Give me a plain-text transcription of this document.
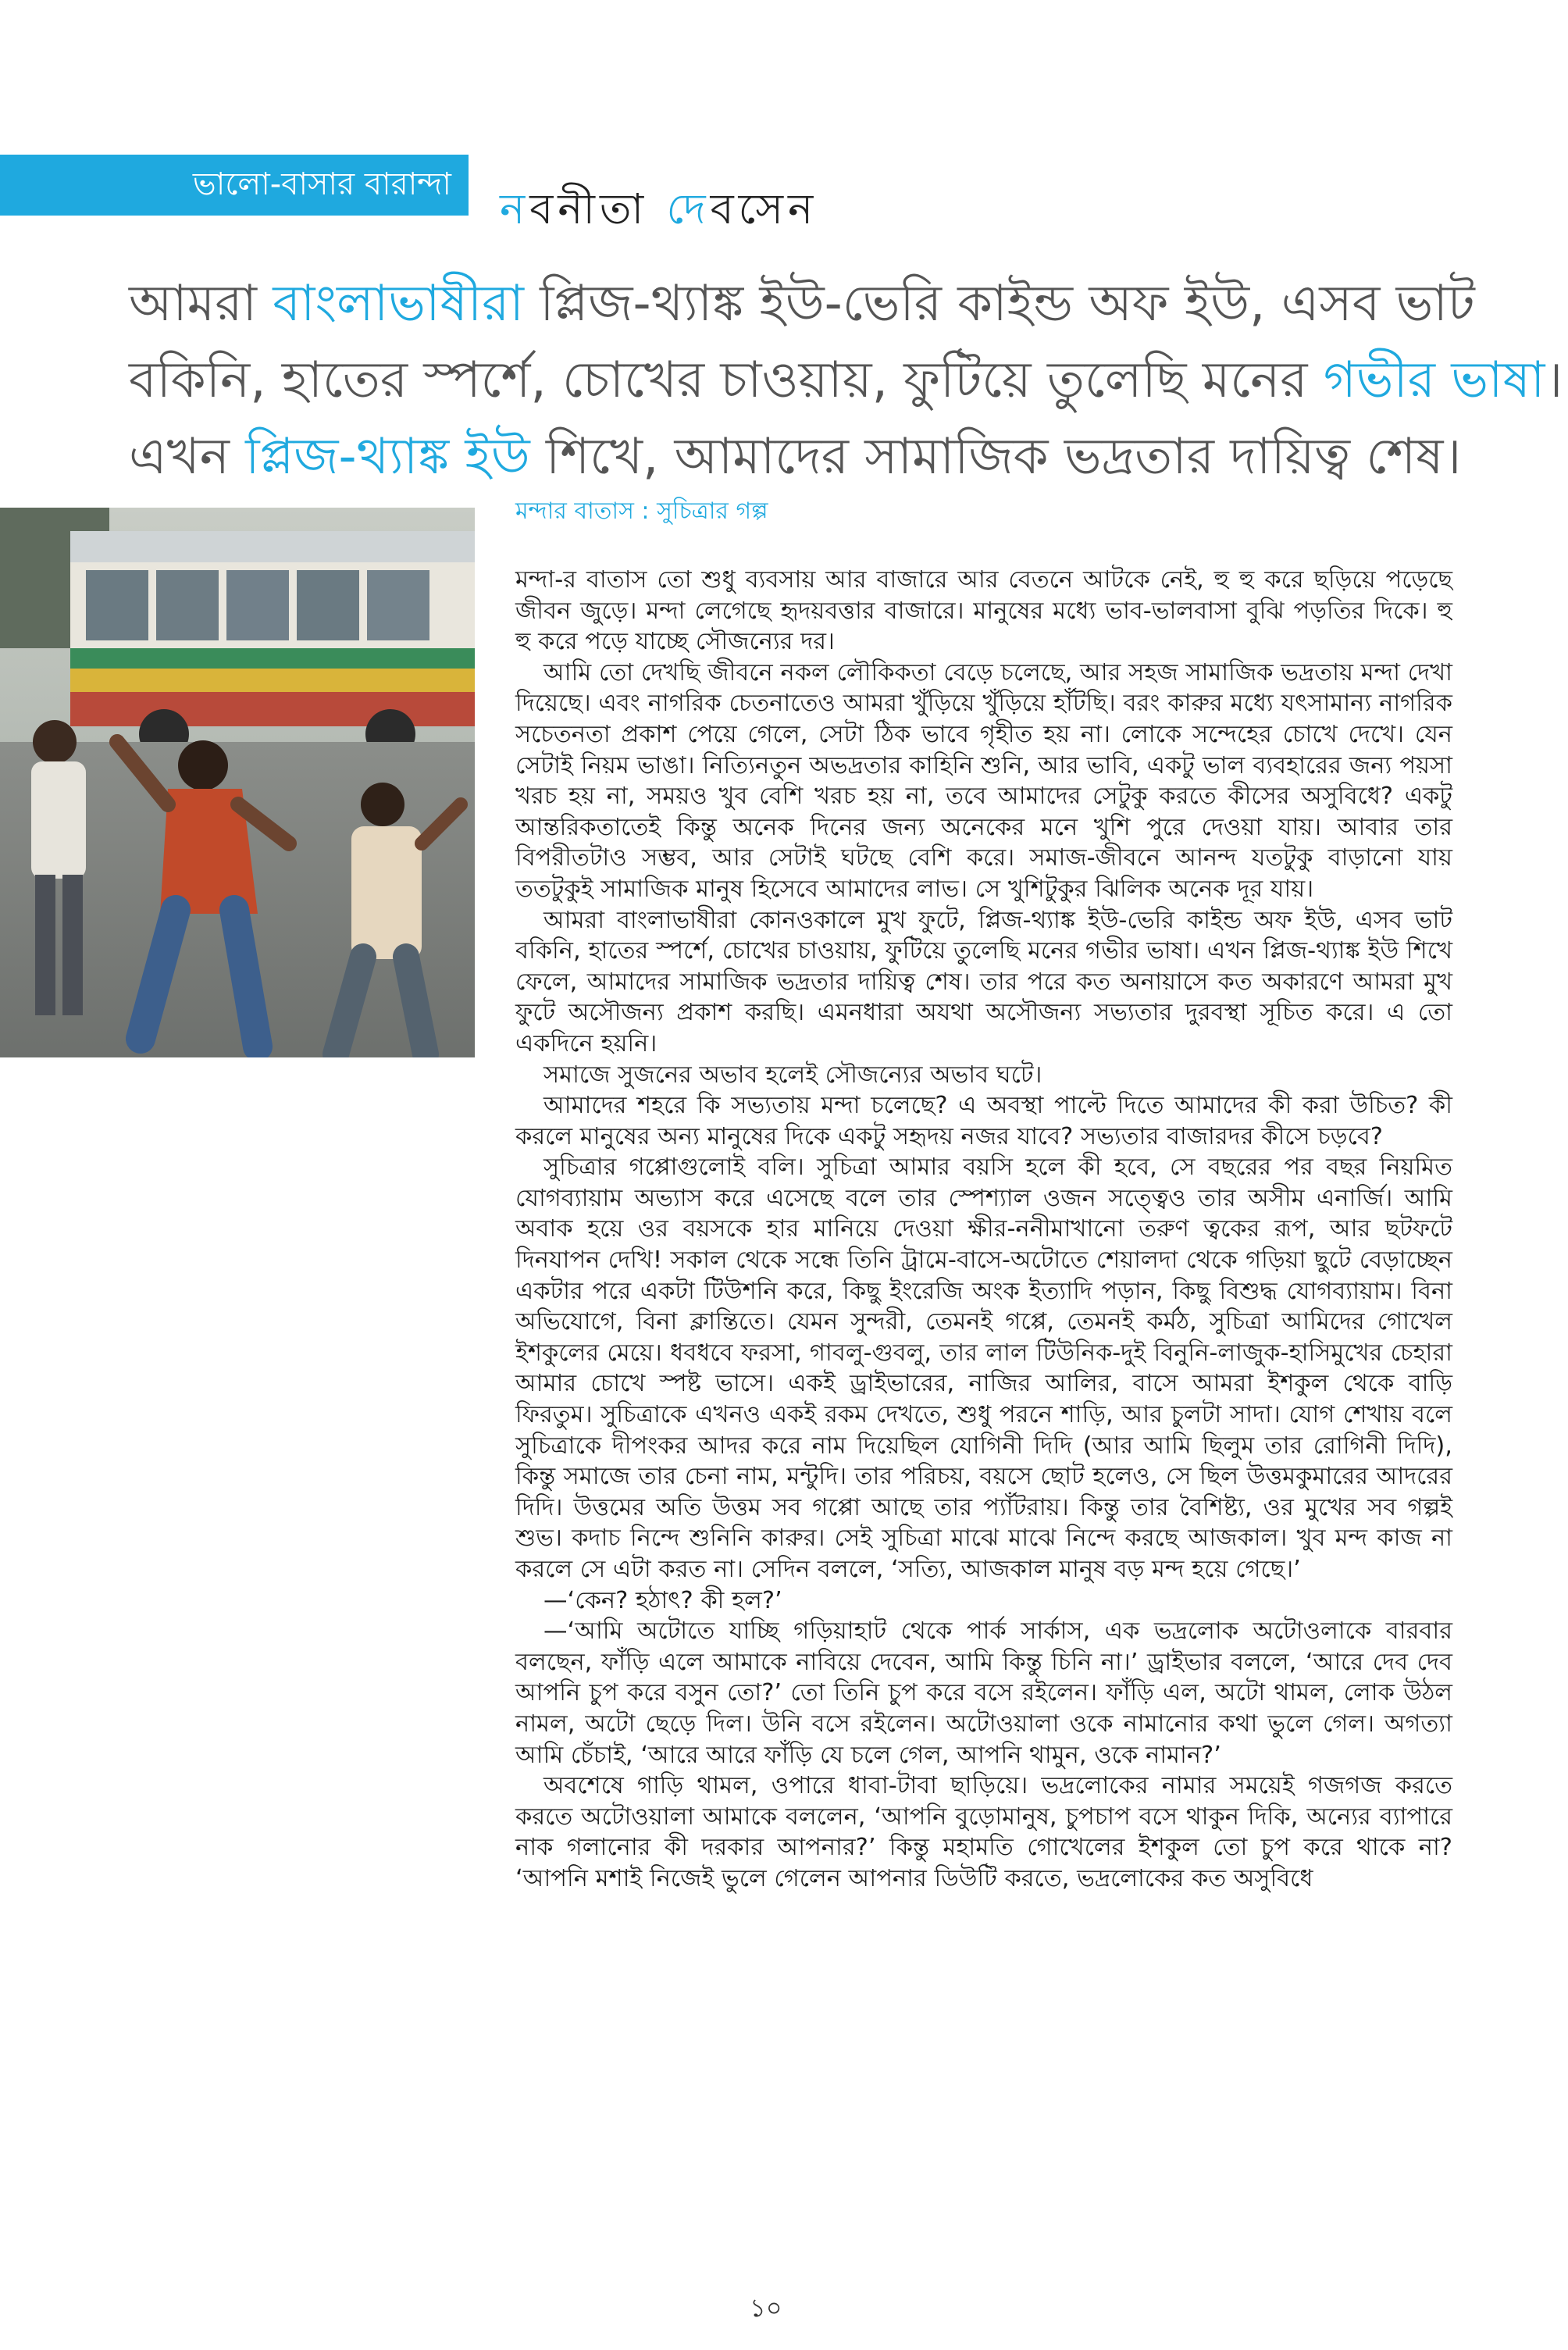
ভালো-বাসার বারান্দা
নবনীতা দেবসেন
আমরা বাংলাভাষীরা প্লিজ-থ্যাঙ্ক ইউ-ভেরি কাইন্ড অফ ইউ, এসব ভাট
বকিনি, হাতের স্পর্শে, চোখের চাওয়ায়, ফুটিয়ে তুলেছি মনের গভীর ভাষা।
এখন প্লিজ-থ্যাঙ্ক ইউ শিখে, আমাদের সামাজিক ভদ্রতার দায়িত্ব শেষ।
মন্দার বাতাস : সুচিত্রার গল্প

মন্দা-র বাতাস তো শুধু ব্যবসায় আর বাজারে আর বেতনে আটকে নেই, হু হু করে ছড়িয়ে পড়েছে জীবন জুড়ে। মন্দা লেগেছে হৃদয়বত্তার বাজারে। মানুষের মধ্যে ভাব-ভালবাসা বুঝি পড়তির দিকে। হু হু করে পড়ে যাচ্ছে সৌজন্যের দর।

আমি তো দেখছি জীবনে নকল লৌকিকতা বেড়ে চলেছে, আর সহজ সামাজিক ভদ্রতায় মন্দা দেখা দিয়েছে। এবং নাগরিক চেতনাতেও আমরা খুঁড়িয়ে খুঁড়িয়ে হাঁটছি। বরং কারুর মধ্যে যৎসামান্য নাগরিক সচেতনতা প্রকাশ পেয়ে গেলে, সেটা ঠিক ভাবে গৃহীত হয় না। লোকে সন্দেহের চোখে দেখে। যেন সেটাই নিয়ম ভাঙা। নিত্যিনতুন অভদ্রতার কাহিনি শুনি, আর ভাবি, একটু ভাল ব্যবহারের জন্য পয়সা খরচ হয় না, সময়ও খুব বেশি খরচ হয় না, তবে আমাদের সেটুকু করতে কীসের অসুবিধে? একটু আন্তরিকতাতেই কিন্তু অনেক দিনের জন্য অনেকের মনে খুশি পুরে দেওয়া যায়। আবার তার বিপরীতটাও সম্ভব, আর সেটাই ঘটছে বেশি করে। সমাজ-জীবনে আনন্দ যতটুকু বাড়ানো যায় ততটুকুই সামাজিক মানুষ হিসেবে আমাদের লাভ। সে খুশিটুকুর ঝিলিক অনেক দূর যায়।

আমরা বাংলাভাষীরা কোনওকালে মুখ ফুটে, প্লিজ-থ্যাঙ্ক ইউ-ভেরি কাইন্ড অফ ইউ, এসব ভাট বকিনি, হাতের স্পর্শে, চোখের চাওয়ায়, ফুটিয়ে তুলেছি মনের গভীর ভাষা। এখন প্লিজ-থ্যাঙ্ক ইউ শিখে ফেলে, আমাদের সামাজিক ভদ্রতার দায়িত্ব শেষ। তার পরে কত অনায়াসে কত অকারণে আমরা মুখ ফুটে অসৌজন্য প্রকাশ করছি। এমনধারা অযথা অসৌজন্য সভ্যতার দুরবস্থা সূচিত করে। এ তো একদিনে হয়নি।

সমাজে সুজনের অভাব হলেই সৌজন্যের অভাব ঘটে।

আমাদের শহরে কি সভ্যতায় মন্দা চলেছে? এ অবস্থা পাল্টে দিতে আমাদের কী করা উচিত? কী করলে মানুষের অন্য মানুষের দিকে একটু সহৃদয় নজর যাবে? সভ্যতার বাজারদর কীসে চড়বে?

সুচিত্রার গপ্পোগুলোই বলি। সুচিত্রা আমার বয়সি হলে কী হবে, সে বছরের পর বছর নিয়মিত যোগব্যায়াম অভ্যাস করে এসেছে বলে তার স্পেশ্যাল ওজন সত্ত্বেও তার অসীম এনার্জি। আমি অবাক হয়ে ওর বয়সকে হার মানিয়ে দেওয়া ক্ষীর-ননীমাখানো তরুণ ত্বকের রূপ, আর ছটফটে দিনযাপন দেখি! সকাল থেকে সন্ধে তিনি ট্রামে-বাসে-অটোতে শেয়ালদা থেকে গড়িয়া ছুটে বেড়াচ্ছেন একটার পরে একটা টিউশনি করে, কিছু ইংরেজি অংক ইত্যাদি পড়ান, কিছু বিশুদ্ধ যোগব্যায়াম। বিনা অভিযোগে, বিনা ক্লান্তিতে। যেমন সুন্দরী, তেমনই গপ্পে, তেমনই কর্মঠ, সুচিত্রা আমিদের গোখেল ইশকুলের মেয়ে। ধবধবে ফরসা, গাবলু-গুবলু, তার লাল টিউনিক-দুই বিনুনি-লাজুক-হাসিমুখের চেহারা আমার চোখে স্পষ্ট ভাসে। একই ড্রাইভারের, নাজির আলির, বাসে আমরা ইশকুল থেকে বাড়ি ফিরতুম। সুচিত্রাকে এখনও একই রকম দেখতে, শুধু পরনে শাড়ি, আর চুলটা সাদা। যোগ শেখায় বলে সুচিত্রাকে দীপংকর আদর করে নাম দিয়েছিল যোগিনী দিদি (আর আমি ছিলুম তার রোগিনী দিদি), কিন্তু সমাজে তার চেনা নাম, মন্টুদি। তার পরিচয়, বয়সে ছোট হলেও, সে ছিল উত্তমকুমারের আদরের দিদি। উত্তমের অতি উত্তম সব গপ্পো আছে তার প্যাঁটরায়। কিন্তু তার বৈশিষ্ট্য, ওর মুখের সব গল্পই শুভ। কদাচ নিন্দে শুনিনি কারুর। সেই সুচিত্রা মাঝে মাঝে নিন্দে করছে আজকাল। খুব মন্দ কাজ না করলে সে এটা করত না। সেদিন বললে, ‘সত্যি, আজকাল মানুষ বড় মন্দ হয়ে গেছে।’

—‘কেন? হঠাৎ? কী হল?’

—‘আমি অটোতে যাচ্ছি গড়িয়াহাট থেকে পার্ক সার্কাস, এক ভদ্রলোক অটোওলাকে বারবার বলছেন, ফাঁড়ি এলে আমাকে নাবিয়ে দেবেন, আমি কিন্তু চিনি না।’ ড্রাইভার বললে, ‘আরে দেব দেব আপনি চুপ করে বসুন তো?’ তো তিনি চুপ করে বসে রইলেন। ফাঁড়ি এল, অটো থামল, লোক উঠল নামল, অটো ছেড়ে দিল। উনি বসে রইলেন। অটোওয়ালা ওকে নামানোর কথা ভুলে গেল। অগত্যা আমি চেঁচাই, ‘আরে আরে ফাঁড়ি যে চলে গেল, আপনি থামুন, ওকে নামান?’

অবশেষে গাড়ি থামল, ওপারে ধাবা-টাবা ছাড়িয়ে। ভদ্রলোকের নামার সময়েই গজগজ করতে করতে অটোওয়ালা আমাকে বললেন, ‘আপনি বুড়োমানুষ, চুপচাপ বসে থাকুন দিকি, অন্যের ব্যাপারে নাক গলানোর কী দরকার আপনার?’ কিন্তু মহামতি গোখেলের ইশকুল তো চুপ করে থাকে না? ‘আপনি মশাই নিজেই ভুলে গেলেন আপনার ডিউটি করতে, ভদ্রলোকের কত অসুবিধে

১০
